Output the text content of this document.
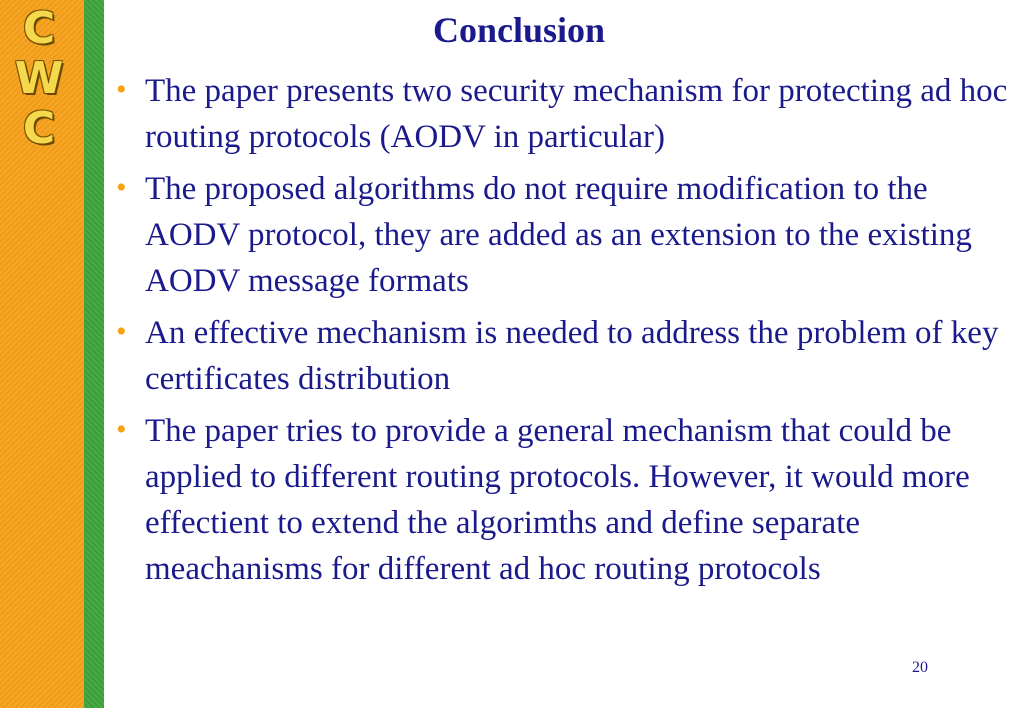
C
W
C
Conclusion
• The paper presents two security mechanism for protecting ad hoc routing protocols (AODV in particular)
• The proposed algorithms do not require modification to the AODV protocol, they are added as an extension to the existing AODV message formats
• An effective mechanism is needed to address the problem of key certificates distribution
• The paper tries to provide a general mechanism that could be applied to different routing protocols. However, it would more effectient to extend the algorimths and define separate meachanisms for different ad hoc routing protocols
20
